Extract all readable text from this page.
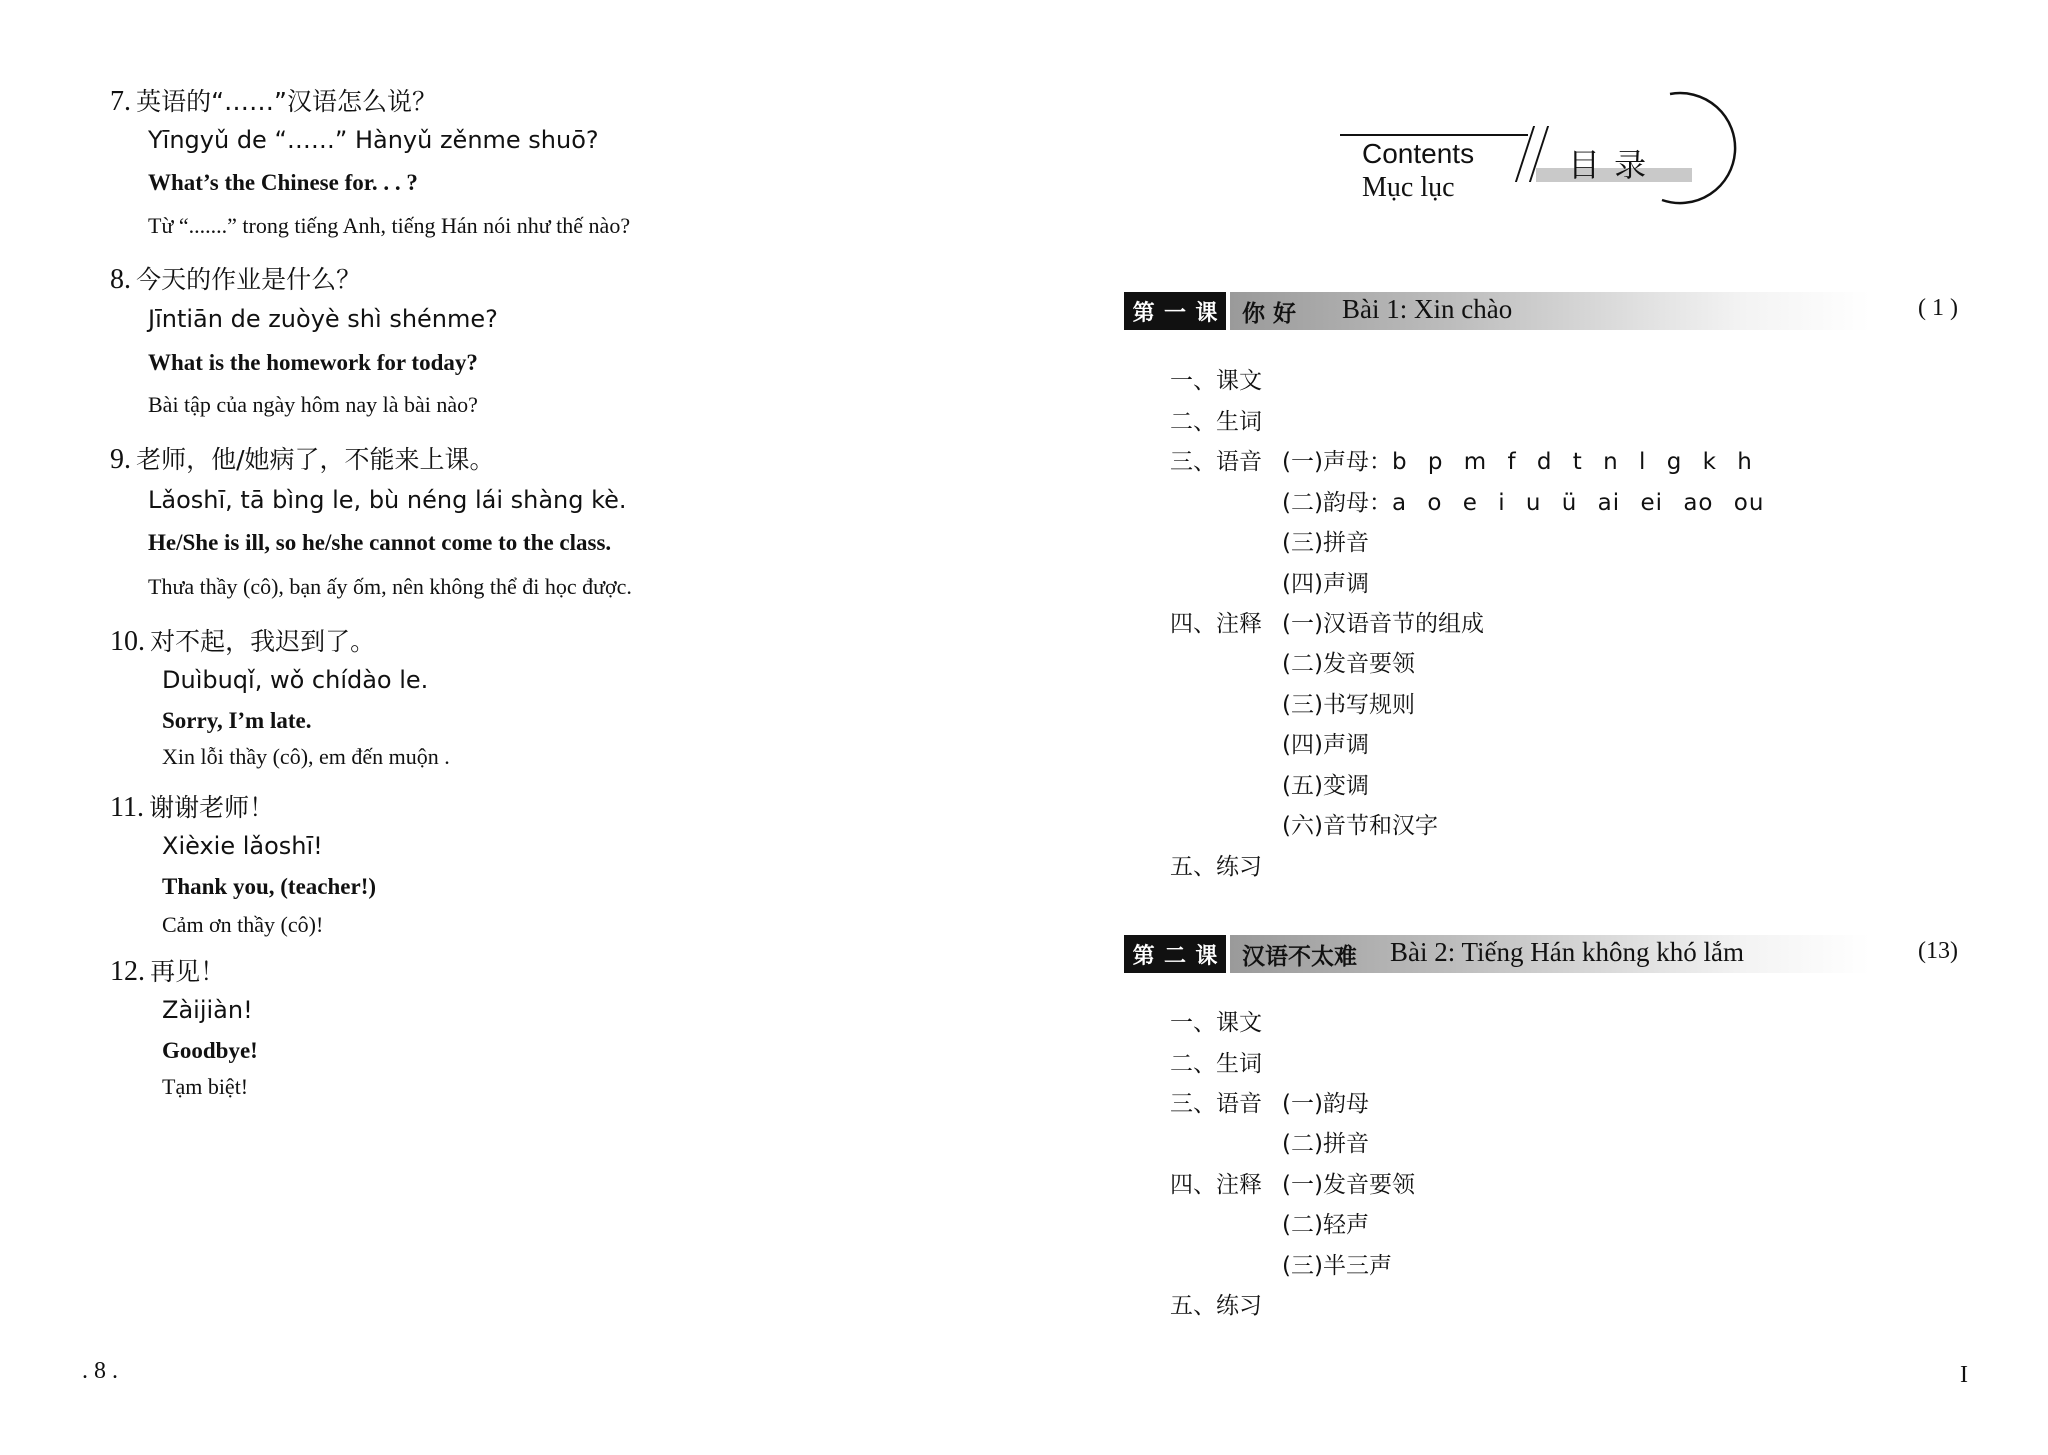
7. 英语的“……”汉语怎么说？
Yīngyǔ de “……” Hànyǔ zěnme shuō?
What’s the Chinese for. . . ?
Từ “.......” trong tiếng Anh, tiếng Hán nói như thế nào?
8. 今天的作业是什么？
Jīntiān de zuòyè shì shénme?
What is the homework for today?
Bài tập của ngày hôm nay là bài nào?
9. 老师，他/她病了，不能来上课。
Lǎoshī, tā bìng le, bù néng lái shàng kè.
He/She is ill, so he/she cannot come to the class.
Thưa thầy (cô), bạn ấy ốm, nên không thể đi học được.
10. 对不起，我迟到了。
Duìbuqǐ, wǒ chídào le.
Sorry, I’m late.
Xin lỗi thầy (cô), em đến muộn .
11. 谢谢老师！
Xièxie lǎoshī!
Thank you, (teacher!)
Cảm ơn thầy (cô)!
12. 再见！
Zàijiàn!
Goodbye!
Tạm biệt!
. 8 .
Contents
Mục lục
目 录
第 一 课 你 好 Bài 1: Xin chào	( 1 )
一、课文
二、生词
三、语音 (一)声母：b p m f d t n l g k h
(二)韵母：a o e i u ü ai ei ao ou
(三)拼音
(四)声调
四、注释 (一)汉语音节的组成
(二)发音要领
(三)书写规则
(四)声调
(五)变调
(六)音节和汉字
五、练习
第 二 课 汉语不太难 Bài 2: Tiếng Hán không khó lắm	(13)
一、课文
二、生词
三、语音 (一)韵母
(二)拼音
四、注释 (一)发音要领
(二)轻声
(三)半三声
五、练习
I
